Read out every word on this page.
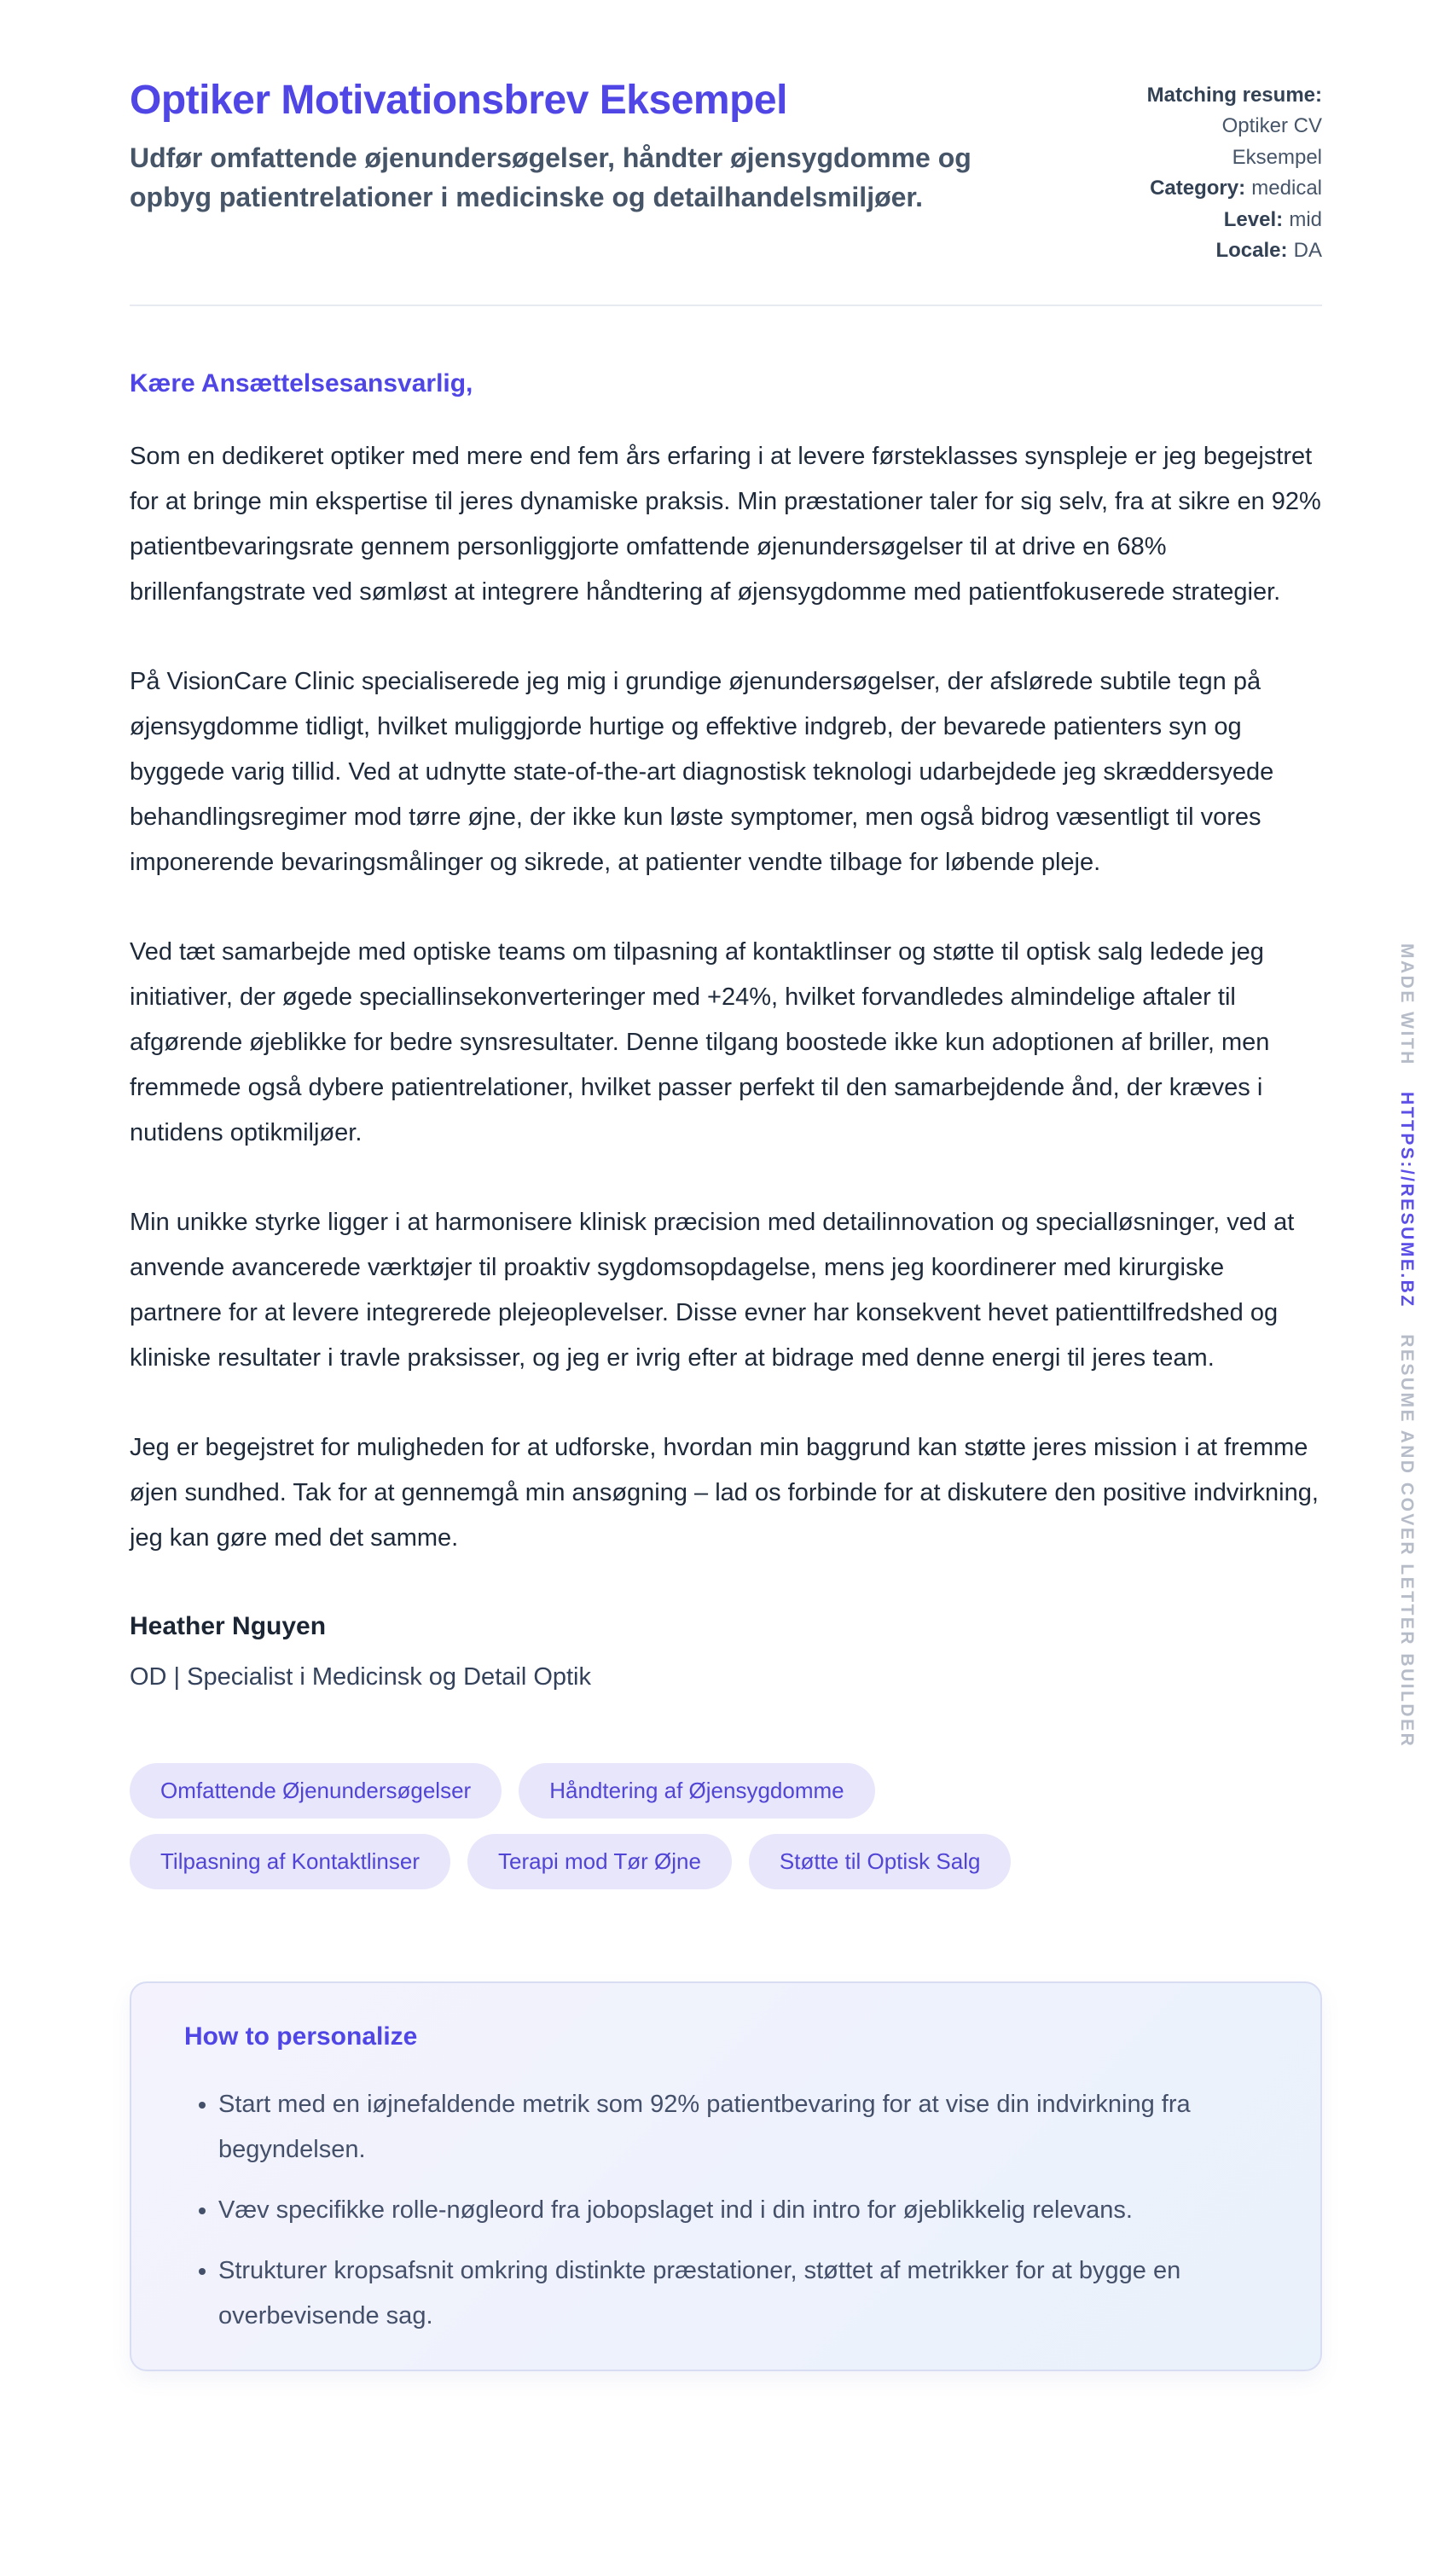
Optiker Motivationsbrev Eksempel
Udfør omfattende øjenundersøgelser, håndter øjensygdomme og opbyg patientrelationer i medicinske og detailhandelsmiljøer.
Matching resume:
Optiker CV Eksempel
Category: medical
Level: mid
Locale: DA

Kære Ansættelsesansvarlig,

Som en dedikeret optiker med mere end fem års erfaring i at levere førsteklasses synspleje er jeg begejstret for at bringe min ekspertise til jeres dynamiske praksis. Min præstationer taler for sig selv, fra at sikre en 92% patientbevaringsrate gennem personliggjorte omfattende øjenundersøgelser til at drive en 68% brillenfangstrate ved sømløst at integrere håndtering af øjensygdomme med patientfokuserede strategier.

På VisionCare Clinic specialiserede jeg mig i grundige øjenundersøgelser, der afslørede subtile tegn på øjensygdomme tidligt, hvilket muliggjorde hurtige og effektive indgreb, der bevarede patienters syn og byggede varig tillid. Ved at udnytte state-of-the-art diagnostisk teknologi udarbejdede jeg skræddersyede behandlingsregimer mod tørre øjne, der ikke kun løste symptomer, men også bidrog væsentligt til vores imponerende bevaringsmålinger og sikrede, at patienter vendte tilbage for løbende pleje.

Ved tæt samarbejde med optiske teams om tilpasning af kontaktlinser og støtte til optisk salg ledede jeg initiativer, der øgede speciallinsekonverteringer med +24%, hvilket forvandledes almindelige aftaler til afgørende øjeblikke for bedre synsresultater. Denne tilgang boostede ikke kun adoptionen af briller, men fremmede også dybere patientrelationer, hvilket passer perfekt til den samarbejdende ånd, der kræves i nutidens optikmiljøer.

Min unikke styrke ligger i at harmonisere klinisk præcision med detailinnovation og specialløsninger, ved at anvende avancerede værktøjer til proaktiv sygdomsopdagelse, mens jeg koordinerer med kirurgiske partnere for at levere integrerede plejeoplevelser. Disse evner har konsekvent hevet patienttilfredshed og kliniske resultater i travle praksisser, og jeg er ivrig efter at bidrage med denne energi til jeres team.

Jeg er begejstret for muligheden for at udforske, hvordan min baggrund kan støtte jeres mission i at fremme øjen sundhed. Tak for at gennemgå min ansøgning – lad os forbinde for at diskutere den positive indvirkning, jeg kan gøre med det samme.

Heather Nguyen

OD | Specialist i Medicinsk og Detail Optik

Omfattende Øjenundersøgelser	Håndtering af Øjensygdomme
Tilpasning af Kontaktlinser	Terapi mod Tør Øjne	Støtte til Optisk Salg
How to personalize
• Start med en iøjnefaldende metrik som 92% patientbevaring for at vise din indvirkning fra begyndelsen.
• Væv specifikke rolle-nøgleord fra jobopslaget ind i din intro for øjeblikkelig relevans.
• Strukturer kropsafsnit omkring distinkte præstationer, støttet af metrikker for at bygge en overbevisende sag.
MADE WITH HTTPS://RESUME.BZ RESUME AND COVER LETTER BUILDER
